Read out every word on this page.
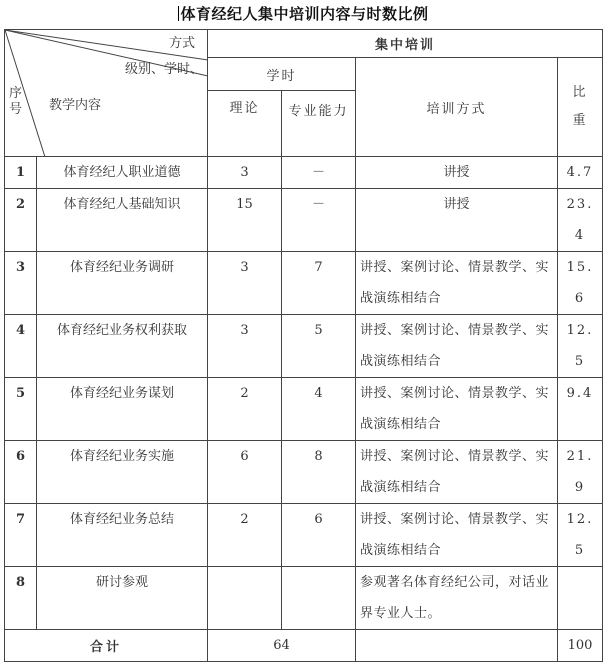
体育经纪人集中培训内容与时数比例
方式
级别、学时、
教学内容
序号		集中培训			
		学时		培训方式	比重
		理论	专业能力		
1	体育经纪人职业道德	3	－	讲授	4.7
2	体育经纪人基础知识	15	－	讲授	23.4
3	体育经纪业务调研	3	7	讲授、案例讨论、情景教学、实战演练相结合	15.6
4	体育经纪业务权利获取	3	5	讲授、案例讨论、情景教学、实战演练相结合	12.5
5	体育经纪业务谋划	2	4	讲授、案例讨论、情景教学、实战演练相结合	9.4
6	体育经纪业务实施	6	8	讲授、案例讨论、情景教学、实战演练相结合	21.9
7	体育经纪业务总结	2	6	讲授、案例讨论、情景教学、实战演练相结合	12.5
8	研讨参观			参观著名体育经纪公司，对话业界专业人士。	
合计		64			100
